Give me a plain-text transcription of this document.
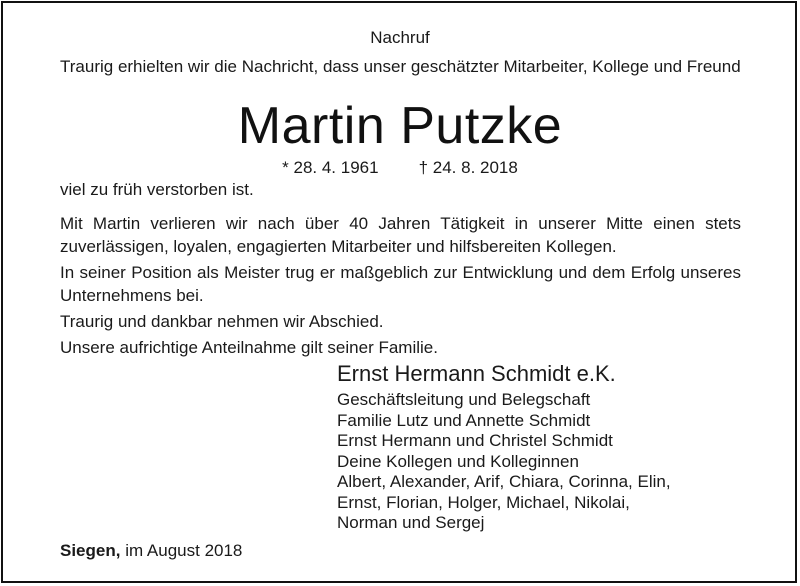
Nachruf
Traurig erhielten wir die Nachricht, dass unser geschätzter Mitarbeiter, Kollege und Freund
Martin Putzke
* 28. 4. 1961 † 24. 8. 2018
viel zu früh verstorben ist.

Mit Martin verlieren wir nach über 40 Jahren Tätigkeit in unserer Mitte einen stets zuverlässigen, loyalen, engagierten Mitarbeiter und hilfsbereiten Kollegen.

In seiner Position als Meister trug er maßgeblich zur Entwicklung und dem Erfolg unseres Unternehmens bei.

Traurig und dankbar nehmen wir Abschied.

Unsere aufrichtige Anteilnahme gilt seiner Familie.

Ernst Hermann Schmidt e.K.
Geschäftsleitung und Belegschaft
Familie Lutz und Annette Schmidt
Ernst Hermann und Christel Schmidt
Deine Kollegen und Kolleginnen
Albert, Alexander, Arif, Chiara, Corinna, Elin,
Ernst, Florian, Holger, Michael, Nikolai,
Norman und Sergej
Siegen, im August 2018
